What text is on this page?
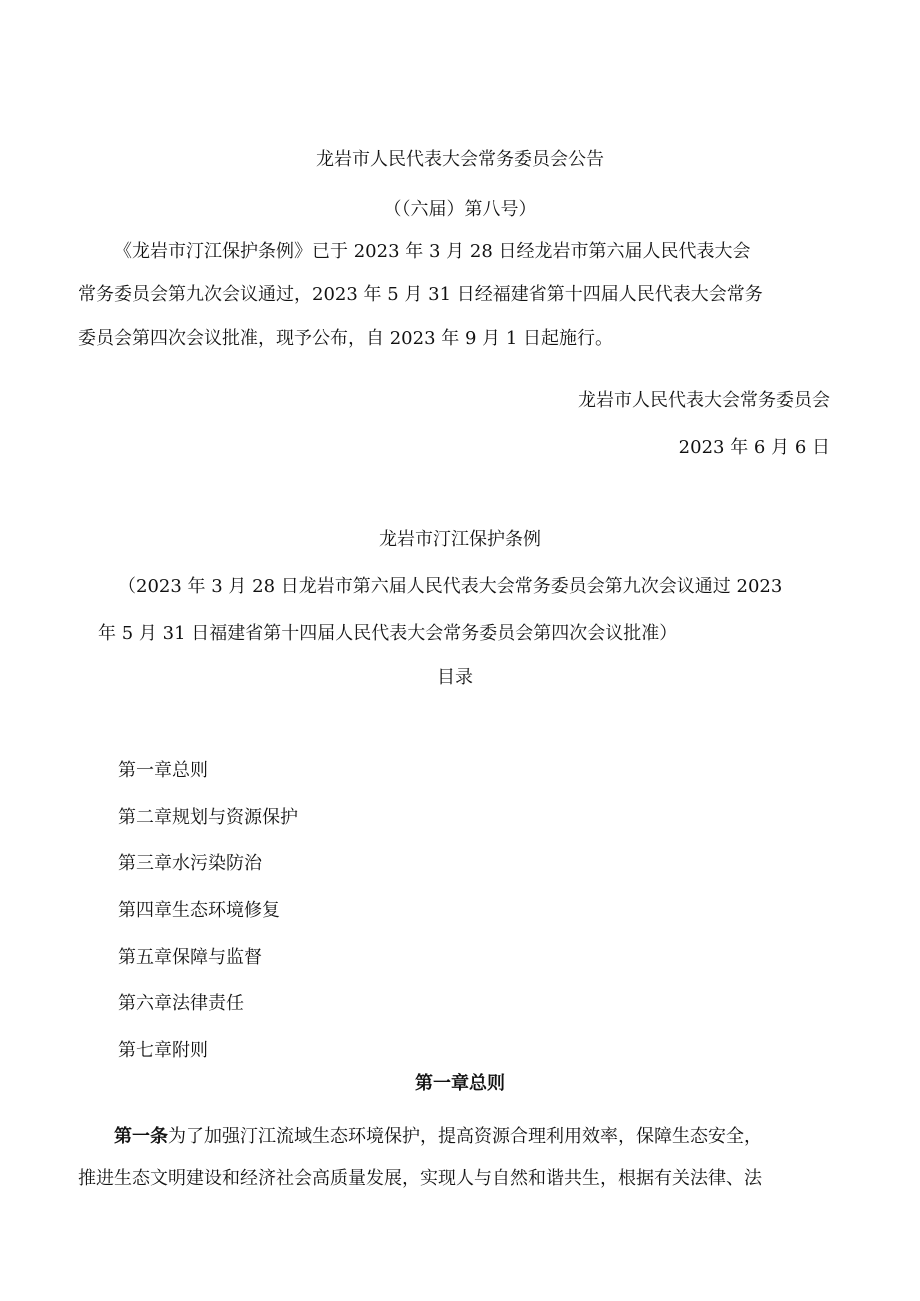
龙岩市人民代表大会常务委员会公告
（（六届）第八号）
《龙岩市汀江保护条例》已于 2023 年 3 月 28 日经龙岩市第六届人民代表大会
常务委员会第九次会议通过，2023 年 5 月 31 日经福建省第十四届人民代表大会常务
委员会第四次会议批准，现予公布，自 2023 年 9 月 1 日起施行。
龙岩市人民代表大会常务委员会
2023 年 6 月 6 日
龙岩市汀江保护条例
（2023 年 3 月 28 日龙岩市第六届人民代表大会常务委员会第九次会议通过 2023
年 5 月 31 日福建省第十四届人民代表大会常务委员会第四次会议批准）
目录
第一章总则
第二章规划与资源保护
第三章水污染防治
第四章生态环境修复
第五章保障与监督
第六章法律责任
第七章附则
第一章总则
第一条为了加强汀江流域生态环境保护，提高资源合理利用效率，保障生态安全，
推进生态文明建设和经济社会高质量发展，实现人与自然和谐共生，根据有关法律、法
